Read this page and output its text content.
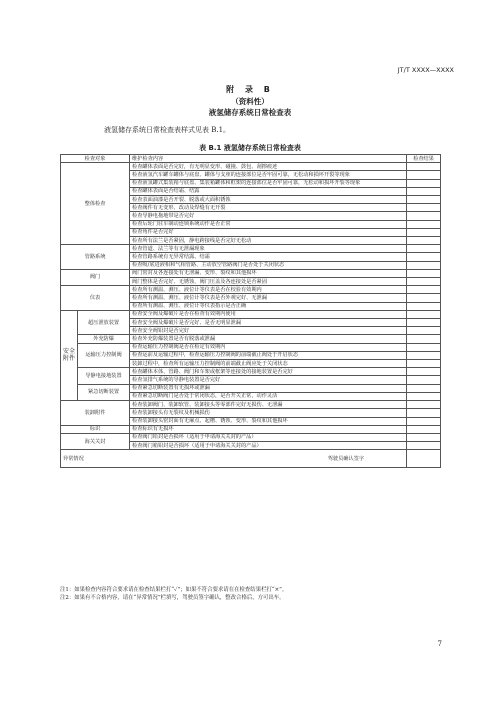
JT/T XXXX—XXXX
附 录 B
（资料性）
液氢储存系统日常检查表
液氢储存系统日常检查表样式见表 B.1。
表 B.1 液氢储存系统日常检查表
检查对象		维护检查内容	检查结果
整体检查		检查罐体表面是否完好，有无明显变形、碰撞、鼓包、刮擦痕迹	
		检查液氢汽车罐车罐体与底盘、罐体与支座的连接部位是否牢固可靠，无松动和损坏开裂等现象	
		检查液氢罐式集装箱与底盘、集装箱罐体和框架的连接部位是否牢固可靠，无松动和损坏开裂等现象	
		检查罐体表面是否结霜、结露	
		检查表面油漆是否开裂、脱落或大面积锈蚀	
		检查阀件有无变形、改动及焊缝有无开裂	
		检查导静电拖地带是否完好	
		检查后轮门驻车制动连锁系统动作是否正常	
		检查角件是否完好	
		检查所有法兰是否紧固，静电跨接线是否完好无松动	
管路系统		检查管道、法兰等有无泄漏现象	
		检查管路系统有无异常结露、结霜	
		检查吸/底进液相和气相管路、主动放空管路阀门是否处于关闭状态	
阀门		阀门密封及各连接处有无泄漏、变形、裂纹和其他损坏	
		阀门整体是否完好、无锈蚀，阀门压盖及各连接处是否紧固	
仪表		检查所有测温、测压、液位计等仪表是否在校验有效期内	
		检查所有测温、测压、液位计等仪表是否外观完好、无泄漏	
		检查所有测温、测压、液位计等仪表指示是否正确	
安全附件	超压泄放装置	检查安全阀及爆破片是否在检查有效期内使用	
		检查安全阀及爆破片是否完好、是否无明显泄漏	
		检查安全阀铅封是否完好	
	外充防爆	检查外充防爆装置是否有脱落或泄漏	
	运输压力控制阀	检查运输压力控制阀是否在检定有效期内	
		检查运前及运输过程中，检查运输压力控制阀的前端截止阀处于开启状态	
		装卸过程中，检查所有运输压力控制阀的前端截止阀应处于关闭状态	
	导静电接地装置	检查罐体本体、管路、阀门和车架或框架等连接处的接地装置是否完好	
		检查氢排气系统的导静电装置是否完好	
	紧急切断装置	检查紧急切断装置有无损坏或泄漏	
		检查紧急切断阀门是否处于常闭状态，是否开关正常，动作灵活	
装卸附件		检查装卸阀门、装卸软管、装卸接头等零部件完好无损伤、无泄漏	
		检查装卸接头有无裂纹及机械损伤	
		检查装卸接头密封面有无麻点、起槽、锈蚀、变形、裂纹和其他损坏	
标识		检查标识有无损坏	
海关关封		检查阀门铅封是否损坏（适用于申请海关关封的产品）	
		检查阀门箱铅封是否损坏（适用于申请海关关封的产品）	

异常情况 驾驶员确认签字			

注1：如果检查内容符合要求请在检查结果栏打“✓”；如果不符合要求请在在检查结果栏打“×”。
注2：如果有不合格内容，请在“异常情况”栏填写，驾驶员签字确认，整改合格后，方可出车。
7
